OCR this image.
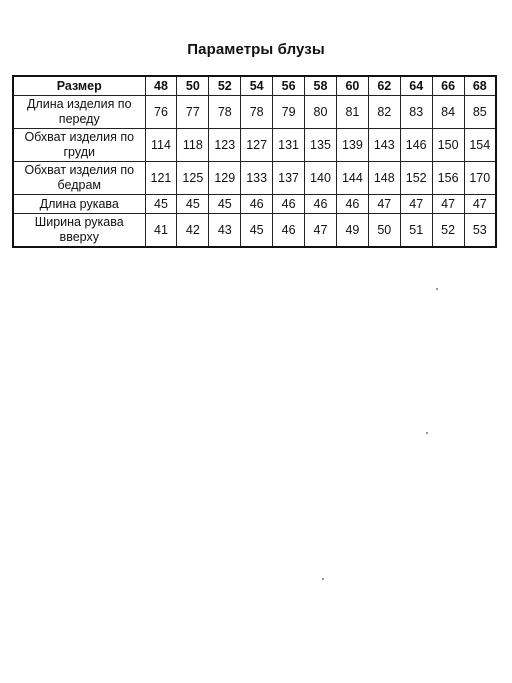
Параметры блузы
Размер	48	50	52	54	56	58	60	62	64	66	68
Длина изделия по переду	76	77	78	78	79	80	81	82	83	84	85
Обхват изделия по груди	114	118	123	127	131	135	139	143	146	150	154
Обхват изделия по бедрам	121	125	129	133	137	140	144	148	152	156	170
Длина рукава	45	45	45	46	46	46	46	47	47	47	47
Ширина рукава вверху	41	42	43	45	46	47	49	50	51	52	53
